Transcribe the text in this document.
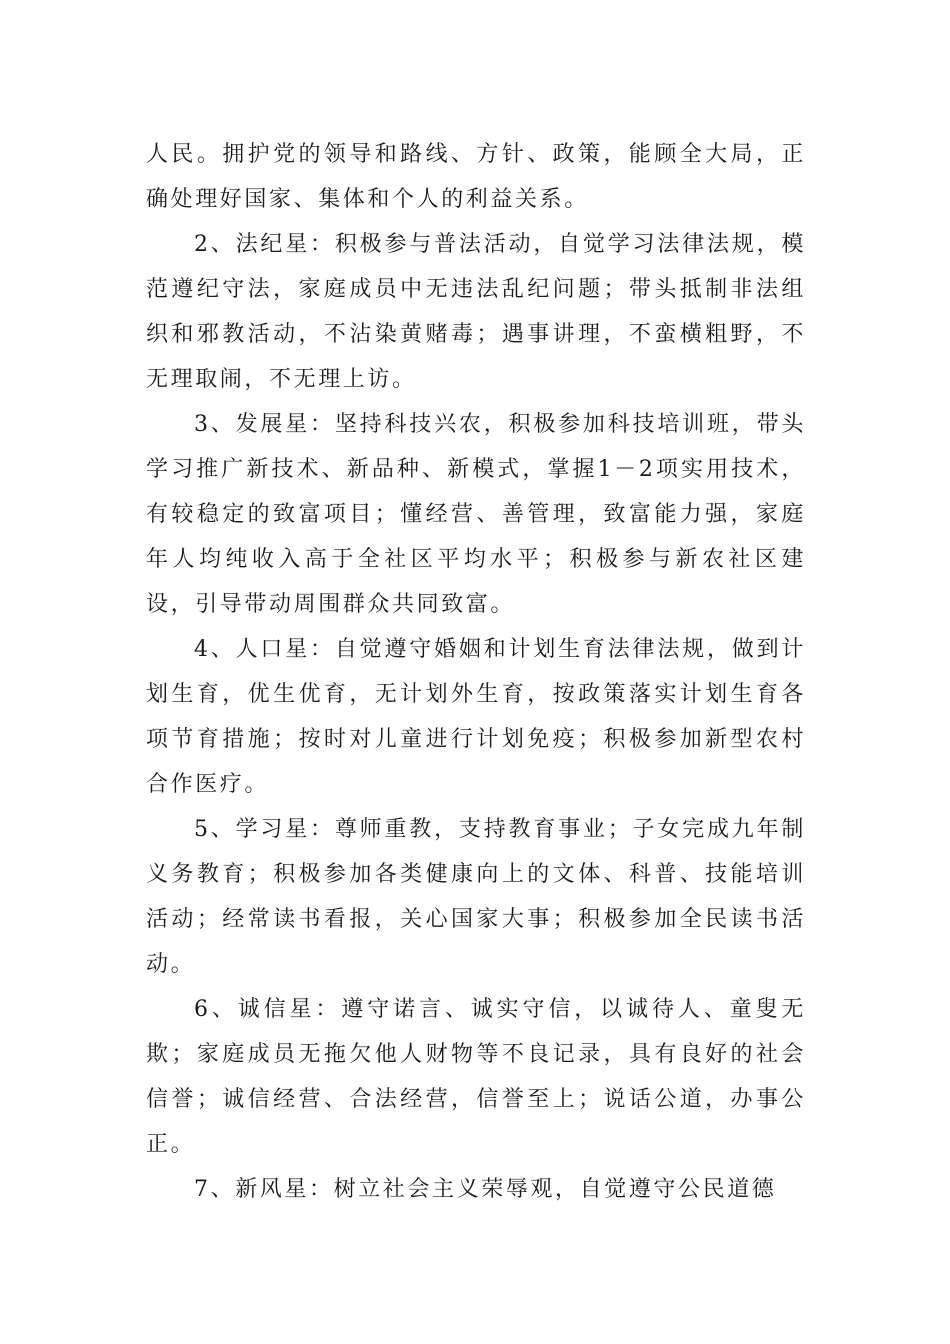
人民。拥护党的领导和路线、方针、政策，能顾全大局，正确处理好国家、集体和个人的利益关系。

2、法纪星：积极参与普法活动，自觉学习法律法规，模范遵纪守法，家庭成员中无违法乱纪问题；带头抵制非法组织和邪教活动，不沾染黄赌毒；遇事讲理，不蛮横粗野，不无理取闹，不无理上访。

3、发展星：坚持科技兴农，积极参加科技培训班，带头学习推广新技术、新品种、新模式，掌握1－2项实用技术，有较稳定的致富项目；懂经营、善管理，致富能力强，家庭年人均纯收入高于全社区平均水平；积极参与新农社区建设，引导带动周围群众共同致富。

4、人口星：自觉遵守婚姻和计划生育法律法规，做到计划生育，优生优育，无计划外生育，按政策落实计划生育各项节育措施；按时对儿童进行计划免疫；积极参加新型农村合作医疗。

5、学习星：尊师重教，支持教育事业；子女完成九年制义务教育；积极参加各类健康向上的文体、科普、技能培训活动；经常读书看报，关心国家大事；积极参加全民读书活动。

6、诚信星：遵守诺言、诚实守信，以诚待人、童叟无欺；家庭成员无拖欠他人财物等不良记录，具有良好的社会信誉；诚信经营、合法经营，信誉至上；说话公道，办事公正。

7、新风星：树立社会主义荣辱观，自觉遵守公民道德
